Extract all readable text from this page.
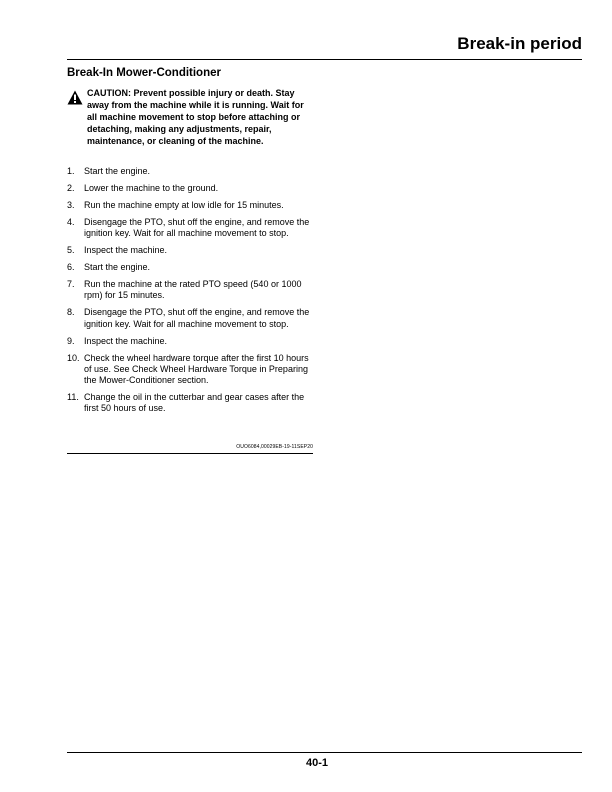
Break-in period
Break-In Mower-Conditioner
CAUTION: Prevent possible injury or death. Stay away from the machine while it is running. Wait for all machine movement to stop before attaching or detaching, making any adjustments, repair, maintenance, or cleaning of the machine.
1. Start the engine.
2. Lower the machine to the ground.
3. Run the machine empty at low idle for 15 minutes.
4. Disengage the PTO, shut off the engine, and remove the ignition key. Wait for all machine movement to stop.
5. Inspect the machine.
6. Start the engine.
7. Run the machine at the rated PTO speed (540 or 1000 rpm) for 15 minutes.
8. Disengage the PTO, shut off the engine, and remove the ignition key. Wait for all machine movement to stop.
9. Inspect the machine.
10. Check the wheel hardware torque after the first 10 hours of use. See Check Wheel Hardware Torque in Preparing the Mower-Conditioner section.
11. Change the oil in the cutterbar and gear cases after the first 50 hours of use.
OUO6084,00029EB-19-11SEP20
40-1
